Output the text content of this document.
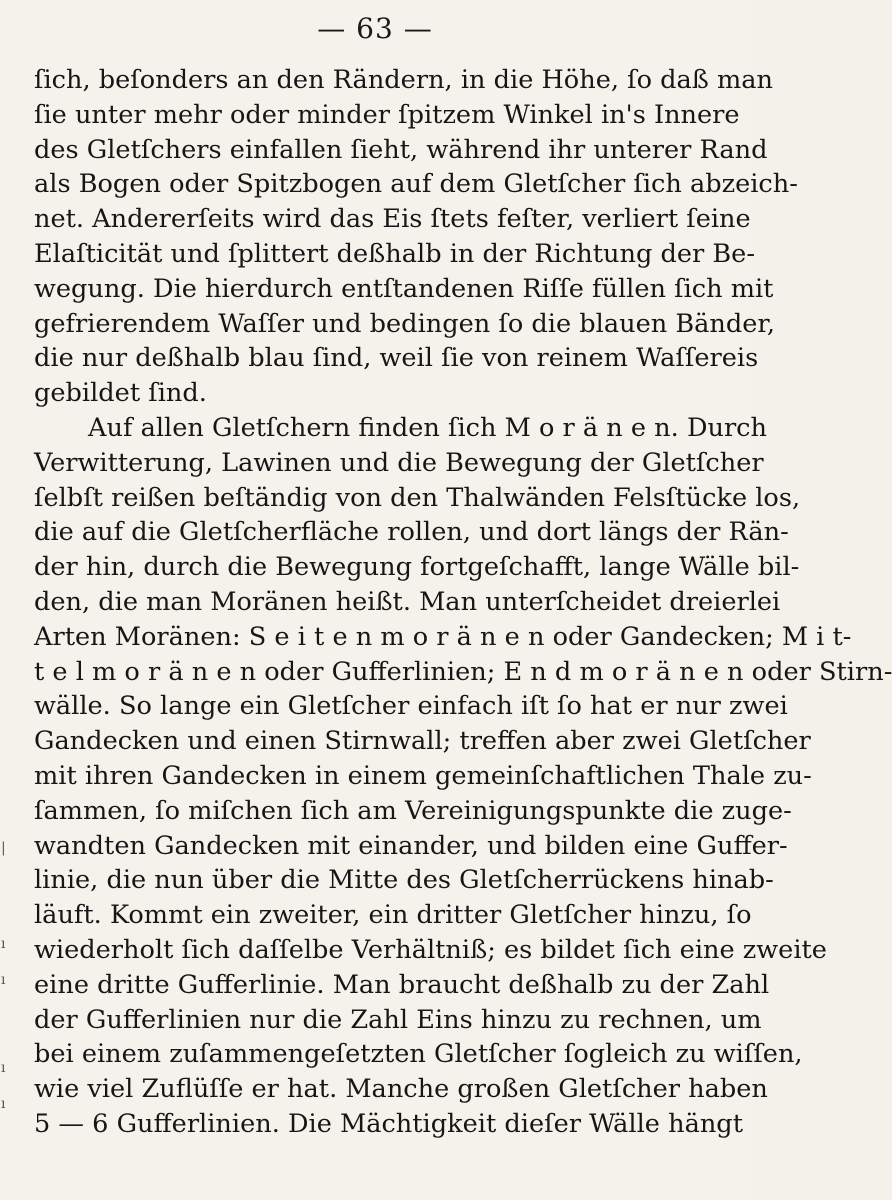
— 63 —
ſich, beſonders an den Rändern, in die Höhe, ſo daß man
ſie unter mehr oder minder ſpitzem Winkel in's Innere
des Gletſchers einfallen ſieht, während ihr unterer Rand
als Bogen oder Spitzbogen auf dem Gletſcher ſich abzeich-
net. Andererſeits wird das Eis ſtets feſter, verliert ſeine
Elaſticität und ſplittert deßhalb in der Richtung der Be-
wegung. Die hierdurch entſtandenen Riſſe füllen ſich mit
gefrierendem Waſſer und bedingen ſo die blauen Bänder,
die nur deßhalb blau ſind, weil ſie von reinem Waſſereis
gebildet ſind.
Auf allen Gletſchern finden ſich M o r ä n e n. Durch
Verwitterung, Lawinen und die Bewegung der Gletſcher
ſelbſt reißen beſtändig von den Thalwänden Felsſtücke los,
die auf die Gletſcherfläche rollen, und dort längs der Rän-
der hin, durch die Bewegung fortgeſchafft, lange Wälle bil-
den, die man Moränen heißt. Man unterſcheidet dreierlei
Arten Moränen: S e i t e n m o r ä n e n oder Gandecken; M i t-
t e l m o r ä n e n oder Gufferlinien; E n d m o r ä n e n oder Stirn-
wälle. So lange ein Gletſcher einfach iſt ſo hat er nur zwei
Gandecken und einen Stirnwall; treffen aber zwei Gletſcher
mit ihren Gandecken in einem gemeinſchaftlichen Thale zu-
ſammen, ſo miſchen ſich am Vereinigungspunkte die zuge-
wandten Gandecken mit einander, und bilden eine Guffer-
linie, die nun über die Mitte des Gletſcherrückens hinab-
läuft. Kommt ein zweiter, ein dritter Gletſcher hinzu, ſo
wiederholt ſich daſſelbe Verhältniß; es bildet ſich eine zweite
eine dritte Gufferlinie. Man braucht deßhalb zu der Zahl
der Gufferlinien nur die Zahl Eins hinzu zu rechnen, um
bei einem zuſammengeſetzten Gletſcher ſogleich zu wiſſen,
wie viel Zuflüſſe er hat. Manche großen Gletſcher haben
5 — 6 Gufferlinien. Die Mächtigkeit dieſer Wälle hängt
|
ı
ı
ı
ı
